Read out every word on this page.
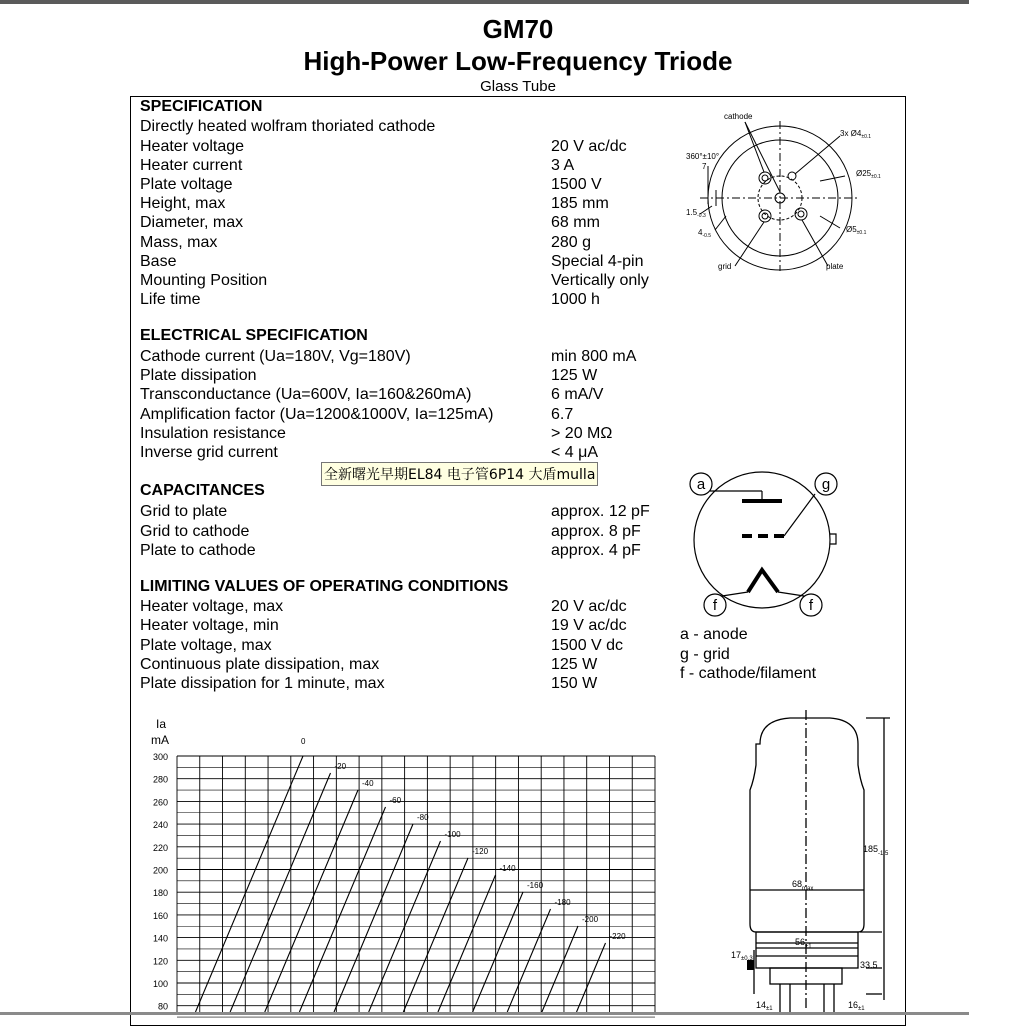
GM70
High-Power Low-Frequency Triode
Glass Tube
SPECIFICATION
Directly heated wolfram thoriated cathode
Heater voltage	20 V ac/dc
Heater current	3 A
Plate voltage	1500 V
Height, max	185 mm
Diameter, max	68 mm
Mass, max	280 g
Base	Special 4-pin
Mounting Position	Vertically only
Life time	1000 h
ELECTRICAL SPECIFICATION
Cathode current (Ua=180V, Vg=180V)	min 800 mA
Plate dissipation	125 W
Transconductance (Ua=600V, Ia=160&260mA)	6 mA/V
Amplification factor (Ua=1200&1000V, Ia=125mA)	6.7
Insulation resistance	> 20 MΩ
Inverse grid current	< 4 μA
CAPACITANCES
Grid to plate	approx. 12 pF
Grid to cathode	approx. 8 pF
Plate to cathode	approx. 4 pF
LIMITING VALUES OF OPERATING CONDITIONS
Heater voltage, max	20 V ac/dc
Heater voltage, min	19 V ac/dc
Plate voltage, max	1500 V dc
Continuous plate dissipation, max	125 W
Plate dissipation for 1 minute, max	150 W
cathode
3x $Ø4_{\pm 0.1}$
360°±10°
7
$Ø25_{\pm 0.1}$
$1.5_{-0.3}$
$Ø5_{\pm 0.1}$
$4_{-0.5}$
grid	plate
a	g
f	f
a - anode
g - grid
f - cathode/filament
Ia
mA
300
280
260
240
220
200
180
160
140
120
100
80
0
-20
-40
-60
-80
-100
-120
-140
-160
-180
-200
-220
$185_{-1.5}$
$68_{max}$
$56_{\pm 1}$
33.5
$17_{\pm 0.3}$
$14_{\pm 1}$	$16_{\pm 1}$
全新曙光早期EL84 电子管6P14 大盾mulla
